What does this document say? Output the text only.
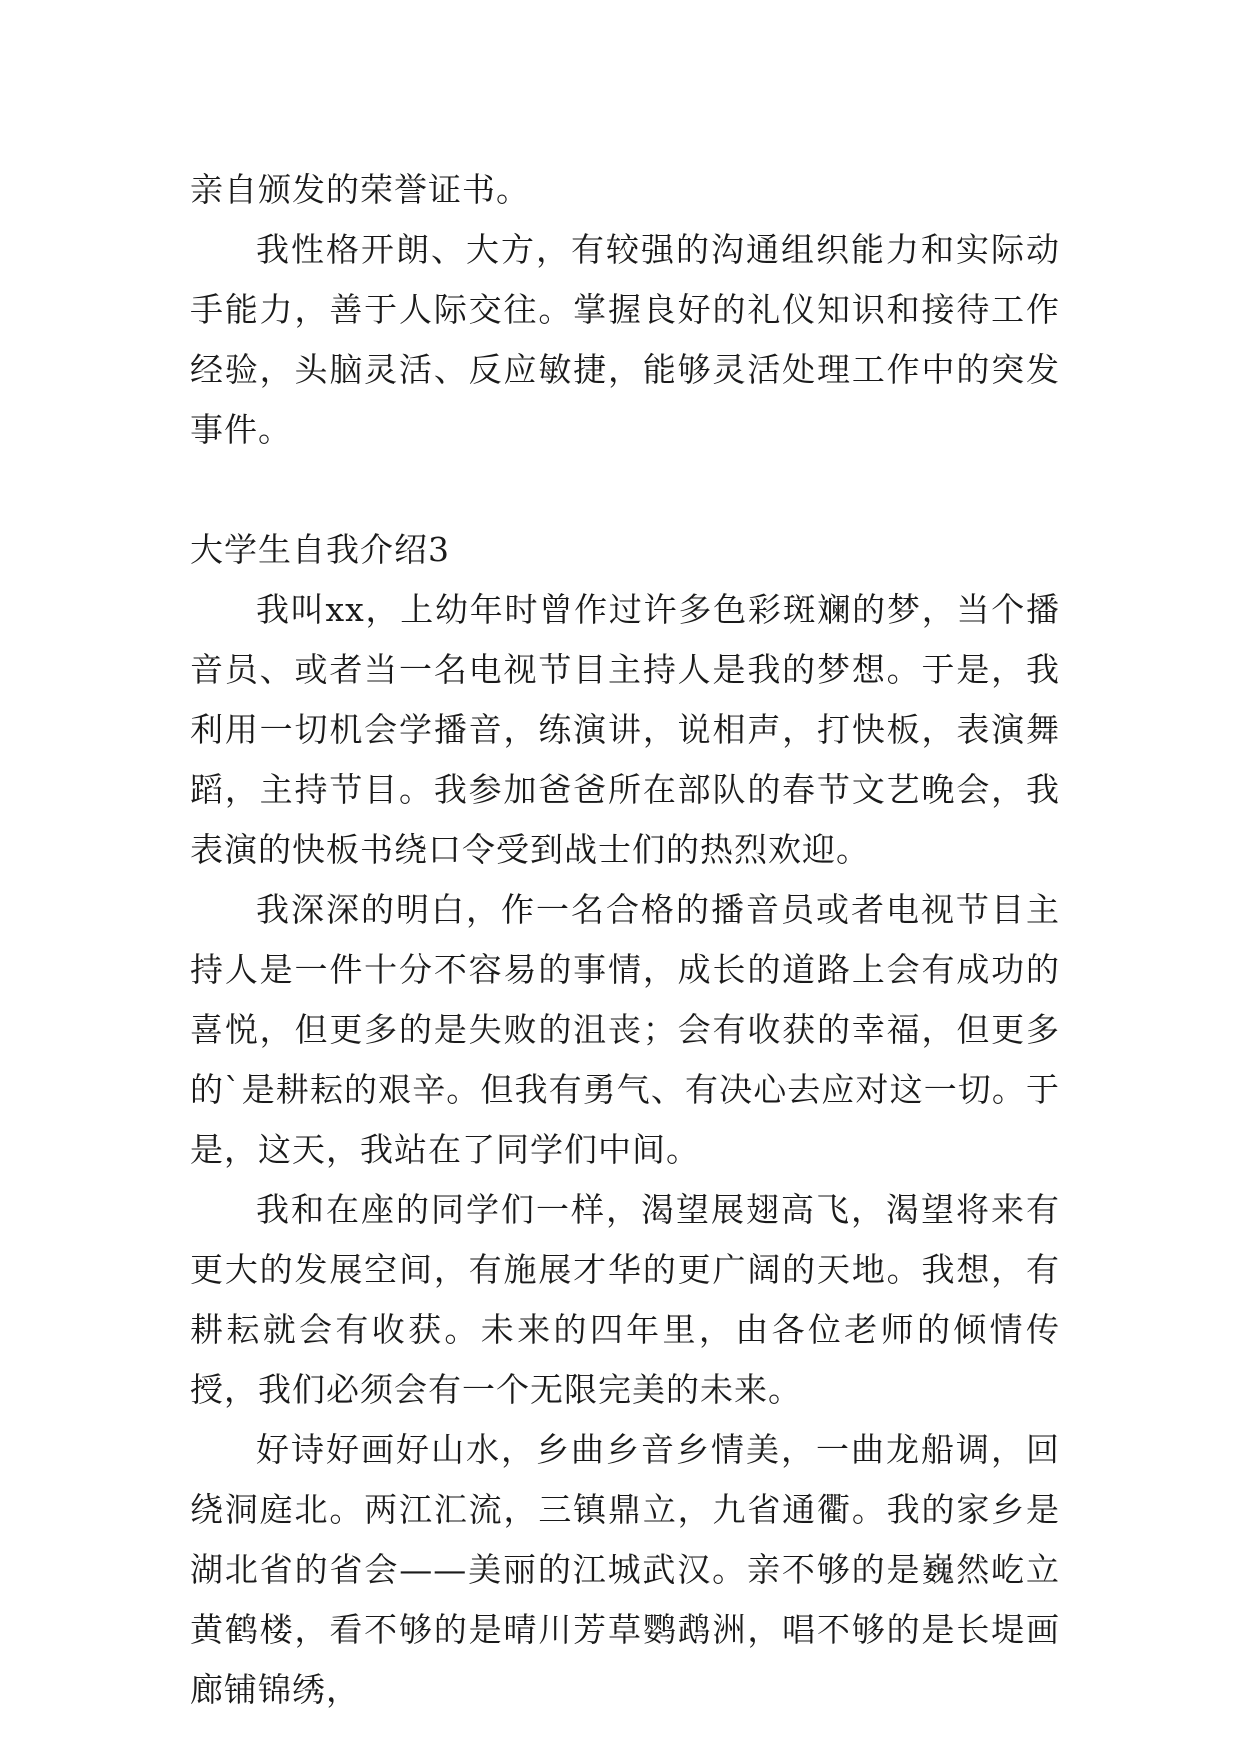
亲自颁发的荣誉证书。

我性格开朗、大方，有较强的沟通组织能力和实际动手能力，善于人际交往。掌握良好的礼仪知识和接待工作经验，头脑灵活、反应敏捷，能够灵活处理工作中的突发事件。

大学生自我介绍3

我叫xx，上幼年时曾作过许多色彩斑斓的梦，当个播音员、或者当一名电视节目主持人是我的梦想。于是，我利用一切机会学播音，练演讲，说相声，打快板，表演舞蹈，主持节目。我参加爸爸所在部队的春节文艺晚会，我表演的快板书绕口令受到战士们的热烈欢迎。

我深深的明白，作一名合格的播音员或者电视节目主持人是一件十分不容易的事情，成长的道路上会有成功的喜悦，但更多的是失败的沮丧；会有收获的幸福，但更多的`是耕耘的艰辛。但我有勇气、有决心去应对这一切。于是，这天，我站在了同学们中间。

我和在座的同学们一样，渴望展翅高飞，渴望将来有更大的发展空间，有施展才华的更广阔的天地。我想，有耕耘就会有收获。未来的四年里，由各位老师的倾情传授，我们必须会有一个无限完美的未来。

好诗好画好山水，乡曲乡音乡情美，一曲龙船调，回绕洞庭北。两江汇流，三镇鼎立，九省通衢。我的家乡是湖北省的省会——美丽的江城武汉。亲不够的是巍然屹立黄鹤楼，看不够的是晴川芳草鹦鹉洲，唱不够的是长堤画廊铺锦绣，
